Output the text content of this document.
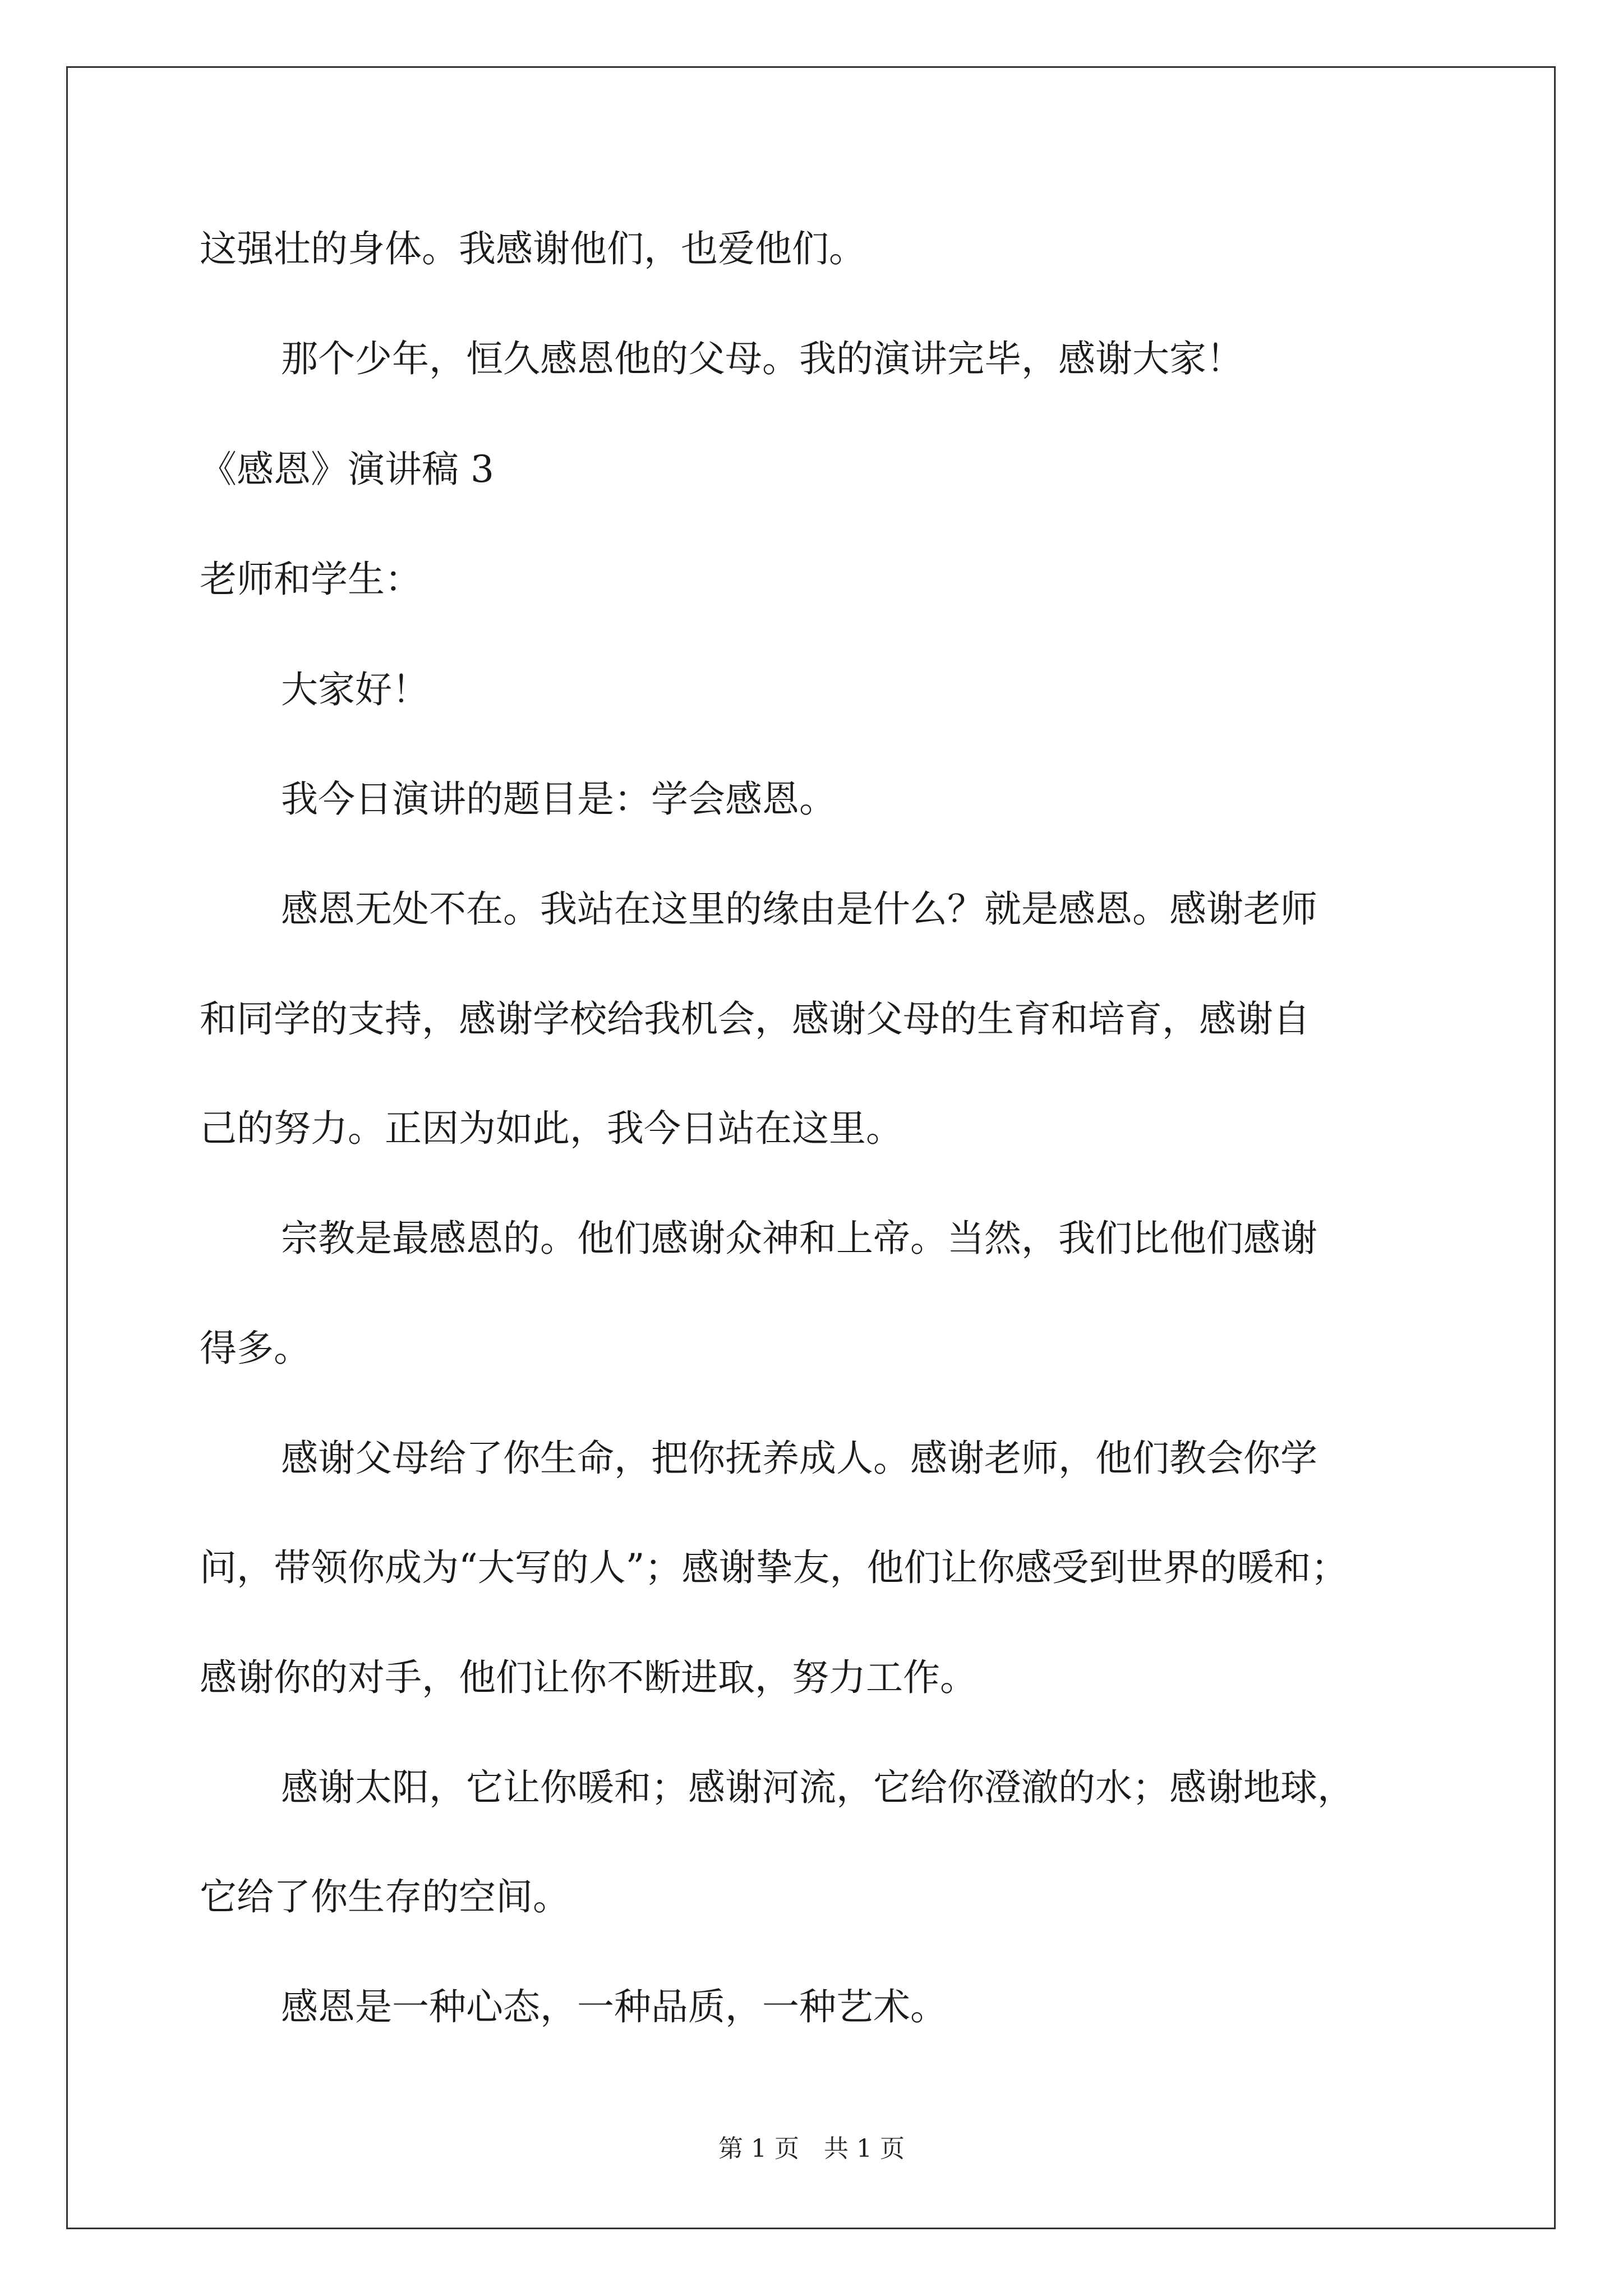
这强壮的身体。我感谢他们，也爱他们。
那个少年，恒久感恩他的父母。我的演讲完毕，感谢大家！
《感恩》演讲稿 3
老师和学生：
大家好！
我今日演讲的题目是：学会感恩。
感恩无处不在。我站在这里的缘由是什么？就是感恩。感谢老师
和同学的支持，感谢学校给我机会，感谢父母的生育和培育，感谢自
己的努力。正因为如此，我今日站在这里。
宗教是最感恩的。他们感谢众神和上帝。当然，我们比他们感谢
得多。
感谢父母给了你生命，把你抚养成人。感谢老师，他们教会你学
问，带领你成为“大写的人”；感谢挚友，他们让你感受到世界的暖和；
感谢你的对手，他们让你不断进取，努力工作。
感谢太阳，它让你暖和；感谢河流，它给你澄澈的水；感谢地球，
它给了你生存的空间。
感恩是一种心态，一种品质，一种艺术。
第 1 页　共 1 页
